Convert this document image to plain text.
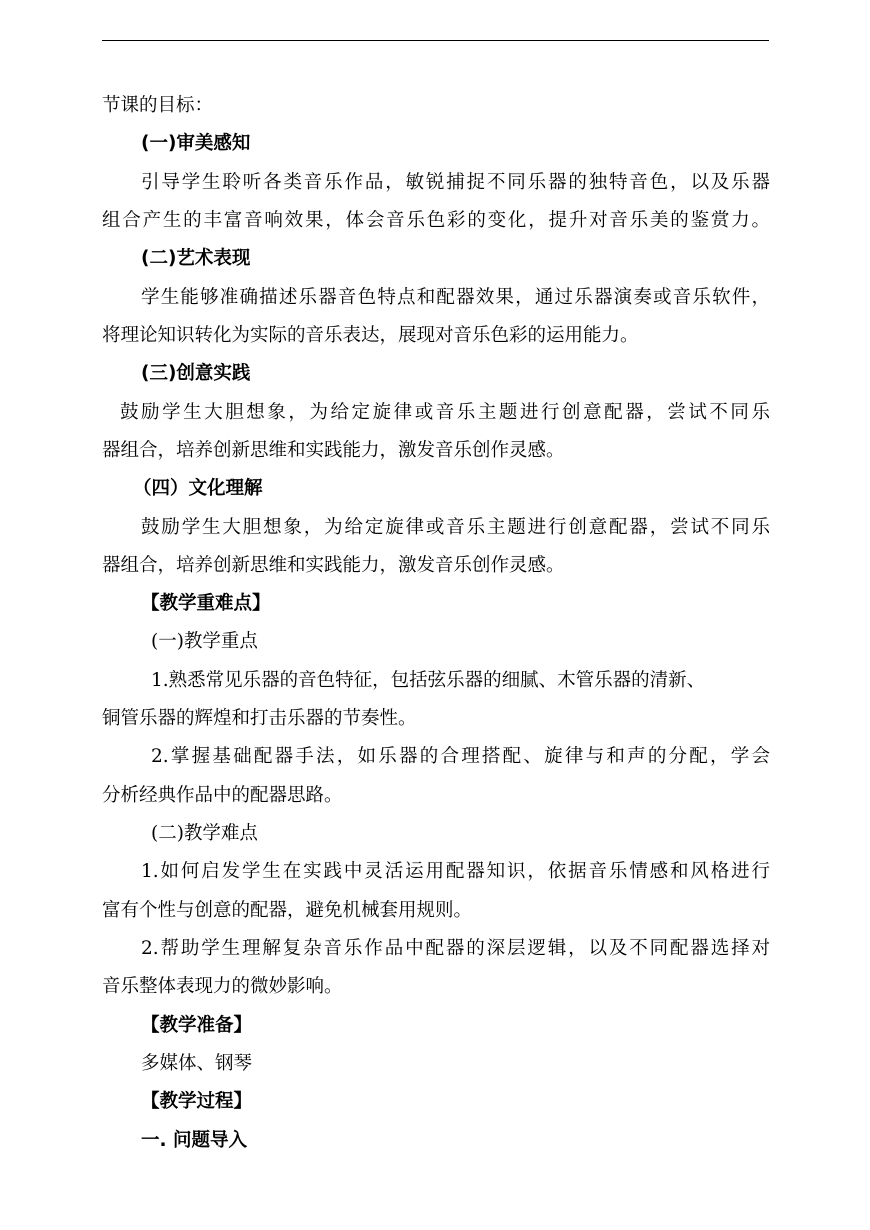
节课的目标：
(一)审美感知
引导学生聆听各类音乐作品，敏锐捕捉不同乐器的独特音色，以及乐器
组合产生的丰富音响效果，体会音乐色彩的变化，提升对音乐美的鉴赏力。
(二)艺术表现
学生能够准确描述乐器音色特点和配器效果，通过乐器演奏或音乐软件，
将理论知识转化为实际的音乐表达，展现对音乐色彩的运用能力。
(三)创意实践
鼓励学生大胆想象，为给定旋律或音乐主题进行创意配器，尝试不同乐
器组合，培养创新思维和实践能力，激发音乐创作灵感。
（四）文化理解
鼓励学生大胆想象，为给定旋律或音乐主题进行创意配器，尝试不同乐
器组合，培养创新思维和实践能力，激发音乐创作灵感。
【教学重难点】
(一)教学重点
1.熟悉常见乐器的音色特征，包括弦乐器的细腻、木管乐器的清新、
铜管乐器的辉煌和打击乐器的节奏性。
2.掌握基础配器手法，如乐器的合理搭配、旋律与和声的分配，学会
分析经典作品中的配器思路。
(二)教学难点
1.如何启发学生在实践中灵活运用配器知识，依据音乐情感和风格进行
富有个性与创意的配器，避免机械套用规则。
2.帮助学生理解复杂音乐作品中配器的深层逻辑，以及不同配器选择对
音乐整体表现力的微妙影响。
【教学准备】
多媒体、钢琴
【教学过程】
一. 问题导入
